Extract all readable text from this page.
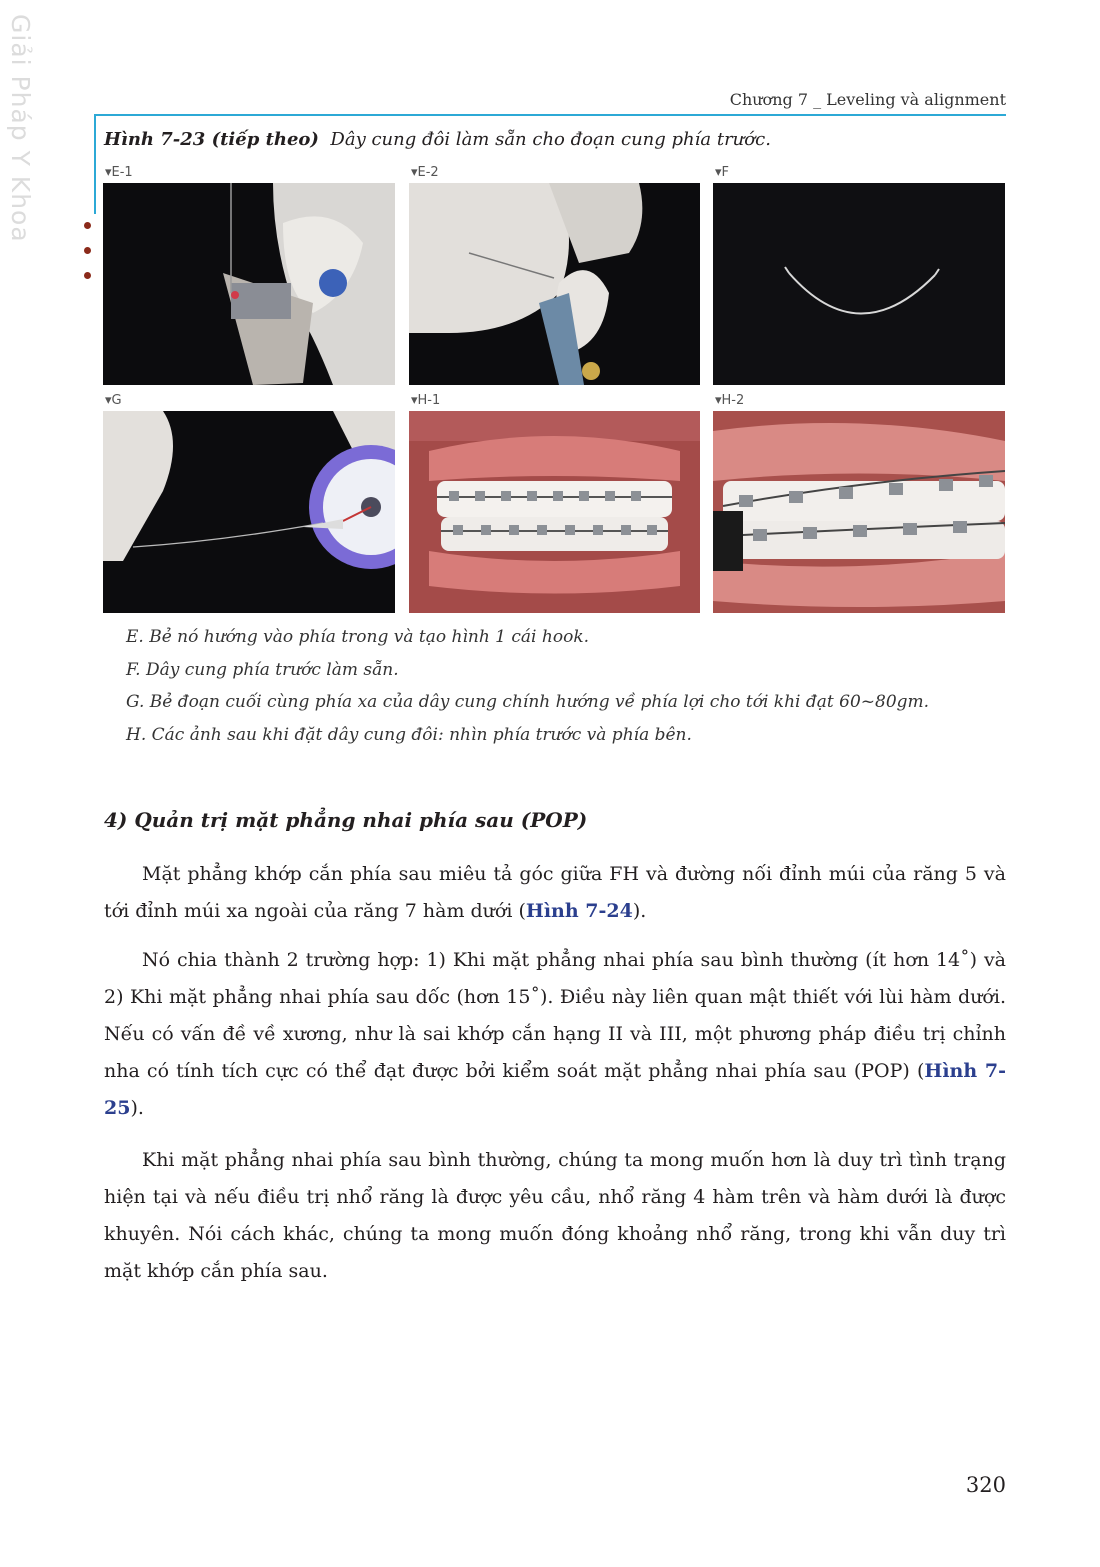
Giải Pháp Y Khoa	Chương 7 _ Leveling và alignment
Hình 7-23 (tiếp theo) Dây cung đôi làm sẵn cho đoạn cung phía trước.
▾E-1	▾E-2	▾F
▾G	▾H-1	▾H-2
E. Bẻ nó hướng vào phía trong và tạo hình 1 cái hook.
F. Dây cung phía trước làm sẵn.
G. Bẻ đoạn cuối cùng phía xa của dây cung chính hướng về phía lợi cho tới khi đạt 60~80gm.
H. Các ảnh sau khi đặt dây cung đôi: nhìn phía trước và phía bên.
4) Quản trị mặt phẳng nhai phía sau (POP)

Mặt phẳng khớp cắn phía sau miêu tả góc giữa FH và đường nối đỉnh múi của răng 5 và tới đỉnh múi xa ngoài của răng 7 hàm dưới (Hình 7-24).

Nó chia thành 2 trường hợp: 1) Khi mặt phẳng nhai phía sau bình thường (ít hơn 14˚) và 2) Khi mặt phẳng nhai phía sau dốc (hơn 15˚). Điều này liên quan mật thiết với lùi hàm dưới. Nếu có vấn đề về xương, như là sai khớp cắn hạng II và III, một phương pháp điều trị chỉnh nha có tính tích cực có thể đạt được bởi kiểm soát mặt phẳng nhai phía sau (POP) (Hình 7-25).

Khi mặt phẳng nhai phía sau bình thường, chúng ta mong muốn hơn là duy trì tình trạng hiện tại và nếu điều trị nhổ răng là được yêu cầu, nhổ răng 4 hàm trên và hàm dưới là được khuyên. Nói cách khác, chúng ta mong muốn đóng khoảng nhổ răng, trong khi vẫn duy trì mặt khớp cắn phía sau.

320
